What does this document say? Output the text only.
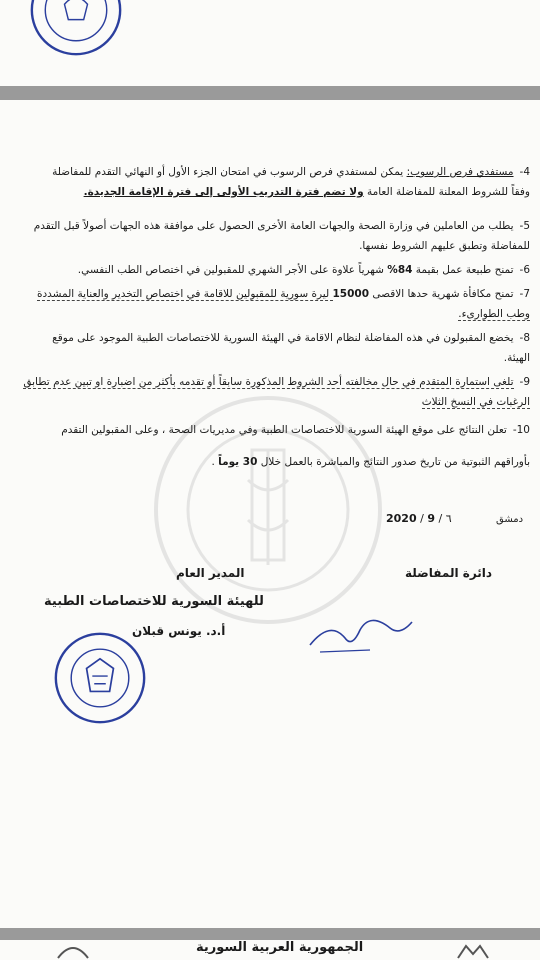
4-مستفدي فرص الرسوب: يمكن لمستفدي فرص الرسوب في امتحان الجزء الأول أو النهائي التقدم للمفاضلة
وفقاً للشروط المعلنة للمفاضلة العامة ولا تضم فترة التدريب الأولى إلى فترة الإقامة الجديدة.
5-يطلب من العاملين في وزارة الصحة والجهات العامة الأخرى الحصول على موافقة هذه الجهات أصولاً قبل التقدم
للمفاضلة وتطبق عليهم الشروط نفسها.
6-تمنح طبيعة عمل بقيمة 84% شهرياً علاوة على الأجر الشهري للمقبولين في اختصاص الطب النفسي.
7-تمنح مكافأة شهرية حدها الاقصى 15000 ليرة سورية للمقبولين للاقامة في اختصاص التخدير والعناية المشددة
وطب الطوارىء.
8-يخضع المقبولون في هذه المفاضلة لنظام الاقامة في الهيئة السورية للاختصاصات الطبية الموجود على موقع
الهيئة.
9-تلغى استمارة المتقدم في حال مخالفته أحد الشروط المذكورة سابقاً أو تقدمه بأكثر من اضبارة او تبين عدم تطابق
الرغبات في النسخ الثلاث
10-تعلن النتائج على موقع الهيئة السورية للاختصاصات الطبية وفي مديريات الصحة ، وعلى المقبولين التقدم
بأوراقهم الثبوتية من تاريخ صدور النتائج والمباشرة بالعمل خلال 30 يوماً .
2020 / 9 / ٦	دمشق
دائرة المفاضلة
المدير العام
للهيئة السورية للاختصاصات الطبية
أ.د. يونس قبلان
الجمهورية العربية السورية
